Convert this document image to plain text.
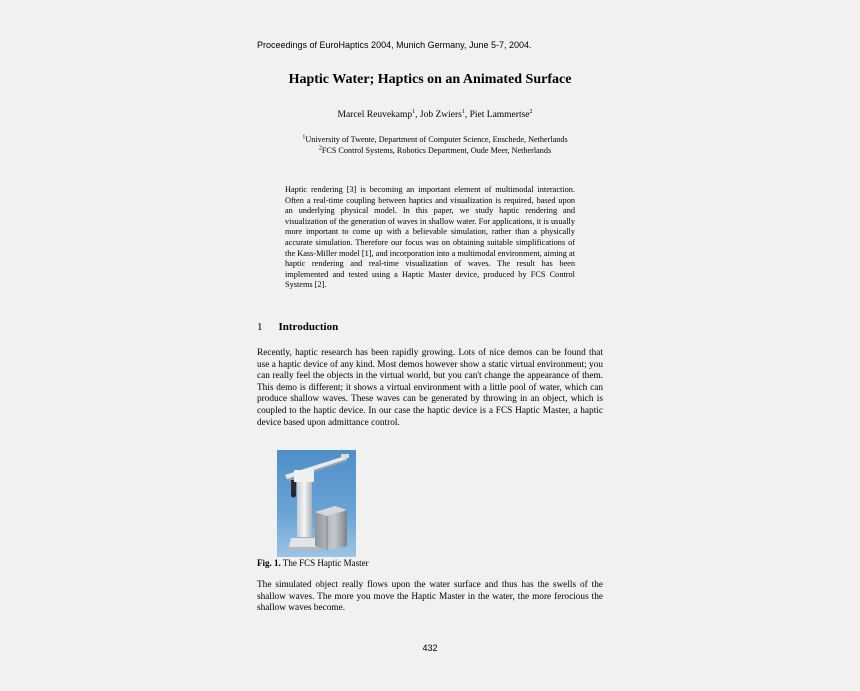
Proceedings of EuroHaptics 2004, Munich Germany, June 5-7, 2004.
Haptic Water; Haptics on an Animated Surface
Marcel Reuvekamp$^1$, Job Zwiers$^1$, Piet Lammertse$^2$
$^1$University of Twente, Department of Computer Science, Enschede, Netherlands
$^2$FCS Control Systems, Robotics Department, Oude Meer, Netherlands
Haptic rendering [3] is becoming an important element of multimodal interaction. Often a real-time coupling between haptics and visualization is required, based upon an underlying physical model. In this paper, we study haptic rendering and visualization of the generation of waves in shallow water. For applications, it is usually more important to come up with a believable simulation, rather than a physically accurate simulation. Therefore our focus was on obtaining suitable simplifications of the Kass-Miller model [1], and incorporation into a multimodal environment, aiming at haptic rendering and real-time visualization of waves. The result has been implemented and tested using a Haptic Master device, produced by FCS Control Systems [2].
1 Introduction
Recently, haptic research has been rapidly growing. Lots of nice demos can be found that use a haptic device of any kind. Most demos however show a static virtual environment; you can really feel the objects in the virtual world, but you can't change the appearance of them. This demo is different; it shows a virtual environment with a little pool of water, which can produce shallow waves. These waves can be generated by throwing in an object, which is coupled to the haptic device. In our case the haptic device is a FCS Haptic Master, a haptic device based upon admittance control.
Fig. 1. The FCS Haptic Master
The simulated object really flows upon the water surface and thus has the swells of the shallow waves. The more you move the Haptic Master in the water, the more ferocious the shallow waves become.
432
